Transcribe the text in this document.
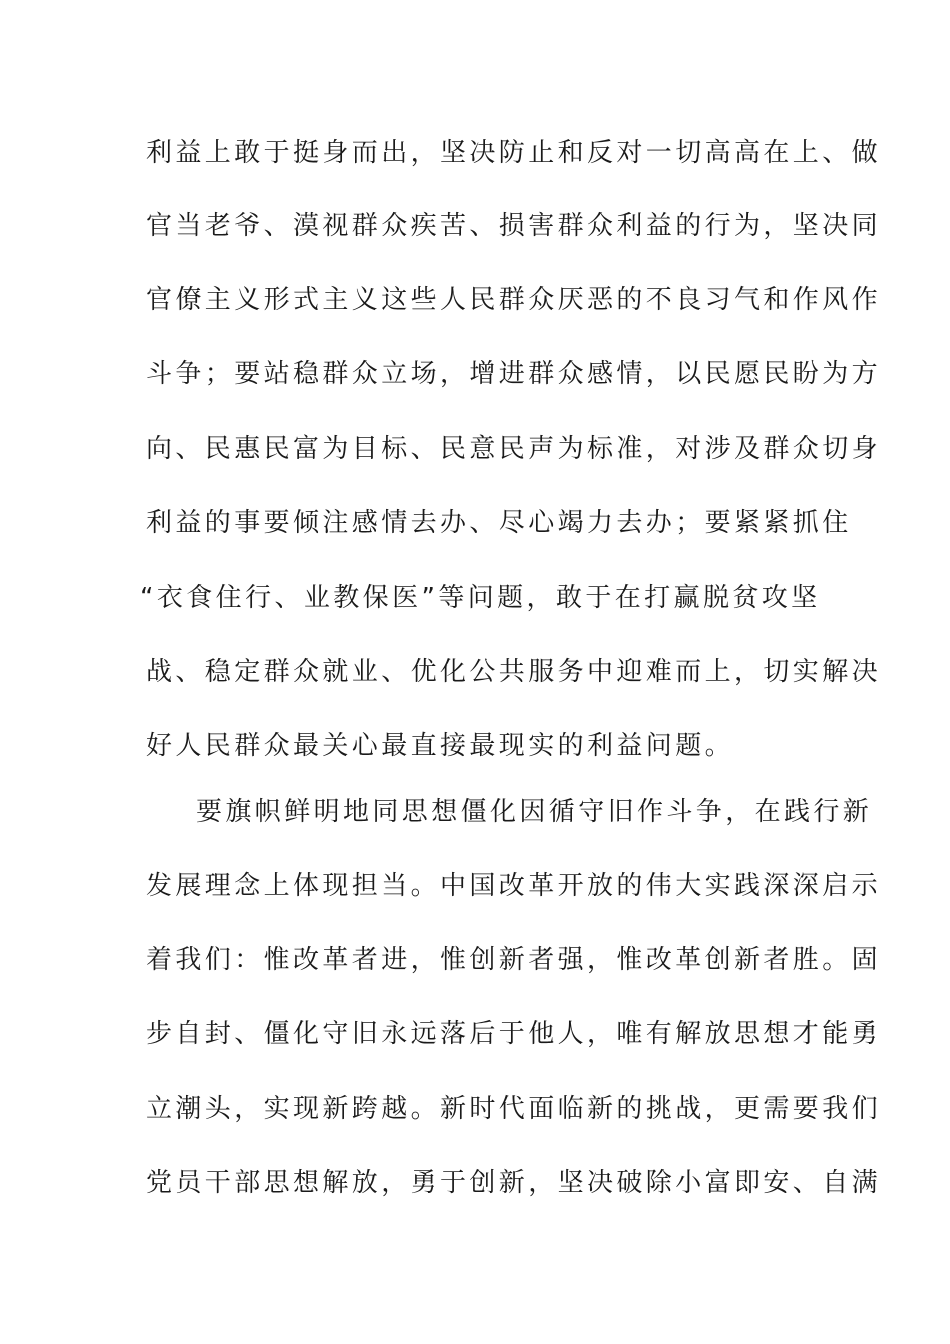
利益上敢于挺身而出，坚决防止和反对一切高高在上、做
官当老爷、漠视群众疾苦、损害群众利益的行为，坚决同
官僚主义形式主义这些人民群众厌恶的不良习气和作风作
斗争；要站稳群众立场，增进群众感情，以民愿民盼为方
向、民惠民富为目标、民意民声为标准，对涉及群众切身
利益的事要倾注感情去办、尽心竭力去办；要紧紧抓住
“衣食住行、业教保医”等问题，敢于在打赢脱贫攻坚
战、稳定群众就业、优化公共服务中迎难而上，切实解决
好人民群众最关心最直接最现实的利益问题。
要旗帜鲜明地同思想僵化因循守旧作斗争，在践行新
发展理念上体现担当。中国改革开放的伟大实践深深启示
着我们：惟改革者进，惟创新者强，惟改革创新者胜。固
步自封、僵化守旧永远落后于他人，唯有解放思想才能勇
立潮头，实现新跨越。新时代面临新的挑战，更需要我们
党员干部思想解放，勇于创新，坚决破除小富即安、自满
